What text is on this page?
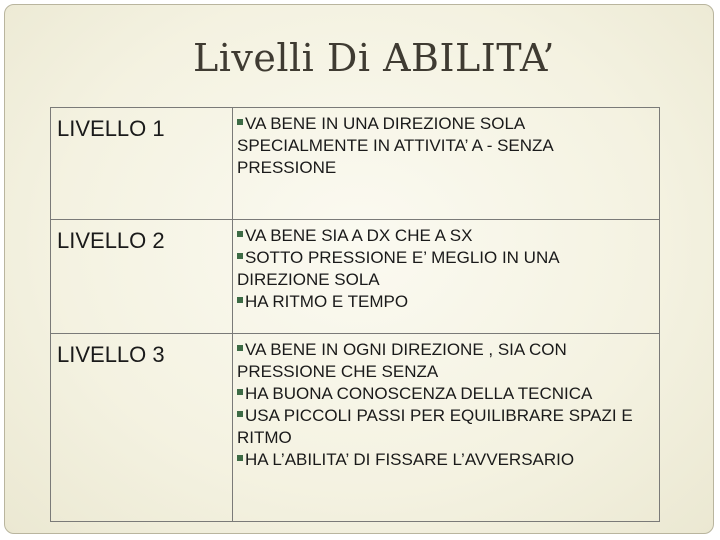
Livelli Di ABILITA’
LIVELLO 1	VA BENE IN UNA DIREZIONE SOLA SPECIALMENTE IN ATTIVITA’ A - SENZA PRESSIONE

LIVELLO 2	VA BENE SIA A DX CHE A SX
SOTTO PRESSIONE E’ MEGLIO IN UNA DIREZIONE SOLA
HA RITMO E TEMPO

LIVELLO 3	VA BENE IN OGNI DIREZIONE , SIA CON PRESSIONE CHE SENZA
HA BUONA CONOSCENZA DELLA TECNICA
USA PICCOLI PASSI PER EQUILIBRARE SPAZI E RITMO
HA L’ABILITA’ DI FISSARE L’AVVERSARIO
